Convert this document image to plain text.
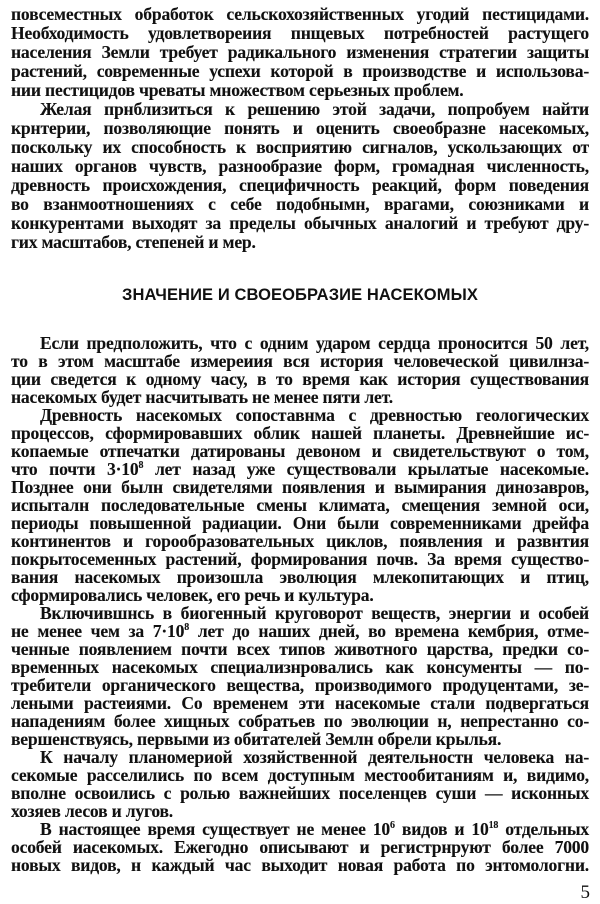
повсеместных обработок сельскохозяйственных угодий пестицидами.
Необходимость удовлетвореиия пнщевых потребностей растущего
населения Земли требует радикального изменения стратегии защиты
растений, современные успехи которой в производстве и использова-
нии пестицидов чреваты множеством серьезных проблем.
Желая прнблизиться к решению этой задачи, попробуем найти
крнтерии, позволяющие понять и оценить своеобразне насекомых,
поскольку их способность к восприятию сигналов, ускользающих от
наших органов чувств, разнообразие форм, громадная численность,
древность происхождения, специфичность реакций, форм поведения
во взанмоотношениях с себе подобнымн, врагами, союзниками и
конкурентами выходят за пределы обычных аналогий и требуют дру-
гих масштабов, степеней и мер.
ЗНАЧЕНИЕ И СВОЕОБРАЗИЕ НАСЕКОМЫХ
Если предположить, что с одним ударом сердца проносится 50 лет,
то в этом масштабе измереиия вся история человеческой цивилнза-
ции сведется к одному часу, в то время как история существования
насекомых будет насчитывать не менее пяти лет.
Древность насекомых сопоставнма с древностью геологических
процессов, сформировавших облик нашей планеты. Древнейшие ис-
копаемые отпечатки датированы девоном и свидетельствуют о том,
что почти $3\cdot 10^8$ лет назад уже существовали крылатые насекомые.
Позднее они былн свидетелями появления и вымирания динозавров,
испыталн последовательные смены климата, смещения земной оси,
периоды повышенной радиации. Они были современниками дрейфа
континентов и горообразовательных циклов, появления и развнтия
покрытосеменных растений, формирования почв. За время существо-
вания насекомых произошла эволюция млекопитающих и птиц,
сформировались человек, его речь и культура.
Включившнсь в биогенный круговорот веществ, энергии и особей
не менее чем за $7\cdot 10^8$ лет до наших дней, во времена кембрия, отме-
ченные появлением почти всех типов животного царства, предки со-
временных насекомых специализнровались как консументы — по-
требители органического вещества, производимого продуцентами, зе-
леными растеиями. Со временем эти насекомые стали подвергаться
нападениям более хищных собратьев по эволюции н, непрестанно со-
вершенствуясь, первыми из обитателей Землн обрели крылья.
К началу планомериой хозяйственной деятельностн человека на-
секомые расселились по всем доступным местообитаниям и, видимо,
вполне освоились с ролью важнейших поселенцев суши — исконных
хозяев лесов и лугов.
В настоящее время существует не менее $10^6$ видов и $10^{18}$ отдельных
особей иасекомых. Ежегодно описывают и регистрнруют более 7000
новых видов, н каждый час выходит новая работа по энтомологни.
5
